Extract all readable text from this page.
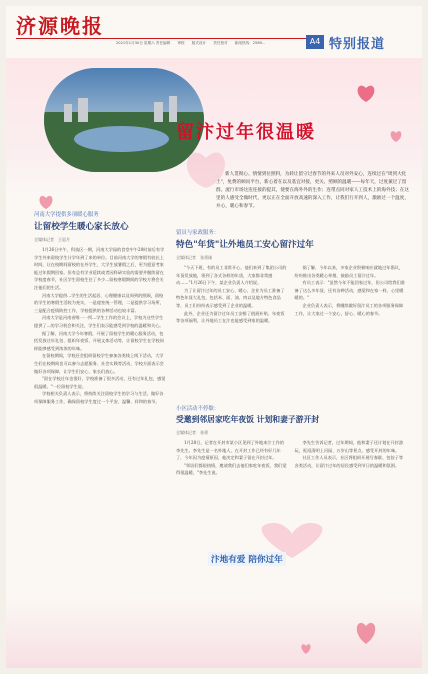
济源晚报
2021年1月30日 星期六 责任编辑 审校 版式设计 责任校对 新闻热线：2589...	A4 特别报道
留汴过年很温暖

新人贯彻心、情情到位照料，为转让留守过春节的外来人员对外安心，连续过在"周到大化上"，免费的顾问平台，新心着在以及基宜对接，更关、照顾的温暖——每年天，过度兼过了留群，流行市场这连连接的提其，使要在海外外的生作；连带点同对家人工技术上的海外技；在这里的人感受全做时代，更以正在全面开放高速的深入工作，让我们行开到人，激励过一个温度，并心，暖心和春节。

河南大学提供多项暖心服务

让留校学生暖心家长放心

全媒体记者 王思月

1月26日中午，科技区一期，河南大学园的食堂中午20时前后有学学生外来留校学生计学年到了来的单位。目前河南大学的寒假有较长上时间，让在校期间留校的在外学生，大学生放暑假之后，更为愿意考家能过年假期回家。但有总有学业延续或者因科研实验的需要并继续留在学校度春节，社区学生留校生住了多少...留校寒假期间的学校方将会关注他们的生活。

河南大学提供...学生的生活起居、心理健康以及周到的照顾，留校的学生的寒假生活较为充实，一是寝室统一管理，二是提供学习场所，三是配合疫情防控工作，学校提供的各种活动也较丰富。

河南大学是河南省唯一一所...学生工作的会议上，学校为这些学生提供了...的学习机会和关注，学生们表示能感受到学校的温暖和关心。

据了解，河南大学今年寒假，开展了留校学生的暖心服务活动，包括发放过年礼包、组织年夜饭、开展文体活动等，让留校学生在学校同样能够感受到浓浓的年味。

在留校期间，学校还会组织留校学生参加各类线上线下活动，大学生们在校期间也可以参与志愿服务、社会实践等活动，学校方面表示会做好各项保障，让学生们安心、家长们放心。

"留在学校过年也很好，学校准备了很多活动，还有过年礼包，感觉很温暖。"一位留校学生说。

学校相关负责人表示，将持续关注留校学生的学习与生活，做好各项保障服务工作，确保留校学生度过一个平安、温馨、祥和的春节。

留员与家政服务：

特色"年货"让外地员工安心留汴过年

全媒体记者 张勇刚

"今天下班，有的员工非常开心，他们来到了集团公司的年货发放地，领到了各式各样的年货，大家都非常感动……"1月26日下午，某企业负责人介绍说。

为了让留汴过年的员工安心、暖心，企业为员工准备了特色年货大礼包，包括米、面、油、肉以及地方特色食品等，员工们纷纷表示感受到了企业的温暖。

此外，企业还为留汴过年员工安排了值班补贴、年夜饭等各项福利，让外地员工在汴也能感受到家的温暖。

据了解，今年以来，多家企业积极响应就地过年倡议，纷纷推出各类暖心举措，鼓励员工留汴过年。

有员工表示："虽然今年不能回家过年，但公司给我们准备了这么多年货，还有各种活动，感觉和在家一样，心里暖暖的。"

企业负责人表示，将继续做好留汴员工的各项服务保障工作，让大家过一个安心、舒心、暖心的春节。

小区活动不停歇：

受邀到邻居家吃年夜饭 计划和妻子游开封

全媒体记者 张勇

1月28日，记者在开封市某小区见到了外地来汴工作的李先生。李先生是一名外地人，在开封工作已经有好几年了，今年因为疫情原因，他决定和妻子留在开封过年。

"邻居们都很热情，邀请我们去他们家吃年夜饭，我们觉得很温暖。"李先生说。

李先生告诉记者，过年期间，他和妻子还计划在开封游玩，逛逛清明上河园、万岁山等景点，感受开封的年味。

社区工作人员表示，社区将组织开展写春联、包饺子等各类活动，让留汴过年的居民感受到节日的温暖和氛围。

汴地有爱 陪你过年
